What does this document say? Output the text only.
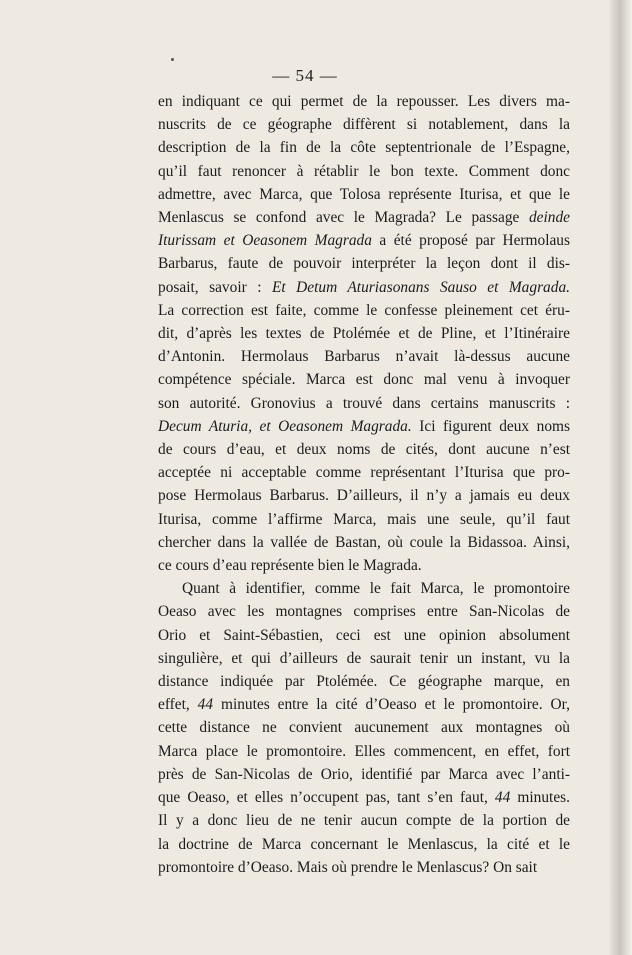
— 54 —

en indiquant ce qui permet de la repousser. Les divers ma-
nuscrits de ce géographe diffèrent si notablement, dans la
description de la fin de la côte septentrionale de l’Espagne,
qu’il faut renoncer à rétablir le bon texte. Comment donc
admettre, avec Marca, que Tolosa représente Iturisa, et que le
Menlascus se confond avec le Magrada? Le passage deinde
Iturissam et Oeasonem Magrada a été proposé par Hermolaus
Barbarus, faute de pouvoir interpréter la leçon dont il dis-
posait, savoir : Et Detum Aturiasonans Sauso et Magrada.
La correction est faite, comme le confesse pleinement cet éru-
dit, d’après les textes de Ptolémée et de Pline, et l’Itinéraire
d’Antonin. Hermolaus Barbarus n’avait là-dessus aucune
compétence spéciale. Marca est donc mal venu à invoquer
son autorité. Gronovius a trouvé dans certains manuscrits :
Decum Aturia, et Oeasonem Magrada. Ici figurent deux noms
de cours d’eau, et deux noms de cités, dont aucune n’est
acceptée ni acceptable comme représentant l’Iturisa que pro-
pose Hermolaus Barbarus. D’ailleurs, il n’y a jamais eu deux
Iturisa, comme l’affirme Marca, mais une seule, qu’il faut
chercher dans la vallée de Bastan, où coule la Bidassoa. Ainsi,
ce cours d’eau représente bien le Magrada.

Quant à identifier, comme le fait Marca, le promontoire
Oeaso avec les montagnes comprises entre San-Nicolas de
Orio et Saint-Sébastien, ceci est une opinion absolument
singulière, et qui d’ailleurs de saurait tenir un instant, vu la
distance indiquée par Ptolémée. Ce géographe marque, en
effet, 44 minutes entre la cité d’Oeaso et le promontoire. Or,
cette distance ne convient aucunement aux montagnes où
Marca place le promontoire. Elles commencent, en effet, fort
près de San-Nicolas de Orio, identifié par Marca avec l’anti-
que Oeaso, et elles n’occupent pas, tant s’en faut, 44 minutes.
Il y a donc lieu de ne tenir aucun compte de la portion de
la doctrine de Marca concernant le Menlascus, la cité et le
promontoire d’Oeaso. Mais où prendre le Menlascus? On sait
